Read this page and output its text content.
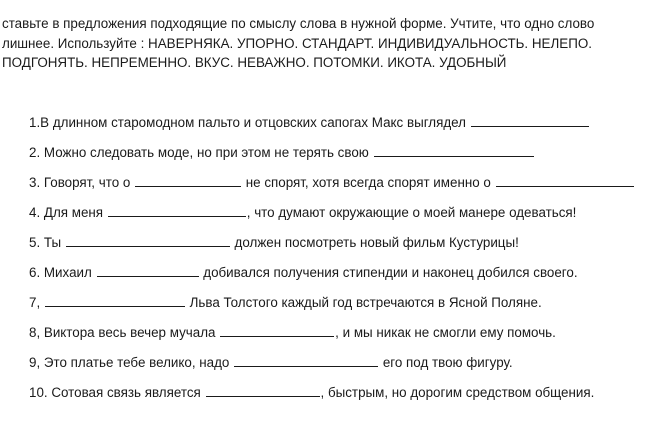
ставьте в предложения подходящие по смыслу слова в нужной форме. Учтите, что одно слово
лишнее. Используйте : НАВЕРНЯКА. УПОРНО. СТАНДАРТ. ИНДИВИДУАЛЬНОСТЬ. НЕЛЕПО.
ПОДГОНЯТЬ. НЕПРЕМЕННО. ВКУС. НЕВАЖНО. ПОТОМКИ. ИКОТА. УДОБНЫЙ
1.В длинном старомодном пальто и отцовских сапогах Макс выглядел
2. Можно следовать моде, но при этом не терять свою
3. Говорят, что о	не спорят, хотя всегда спорят именно о
4. Для меня	, что думают окружающие о моей манере одеваться!
5. Ты	должен посмотреть новый фильм Кустурицы!
6. Михаил	добивался получения стипендии и наконец добился своего.
7,	Льва Толстого каждый год встречаются в Ясной Поляне.
8, Виктора весь вечер мучала	, и мы никак не смогли ему помочь.
9, Это платье тебе велико, надо	его под твою фигуру.
10. Сотовая связь является	, быстрым, но дорогим средством общения.
